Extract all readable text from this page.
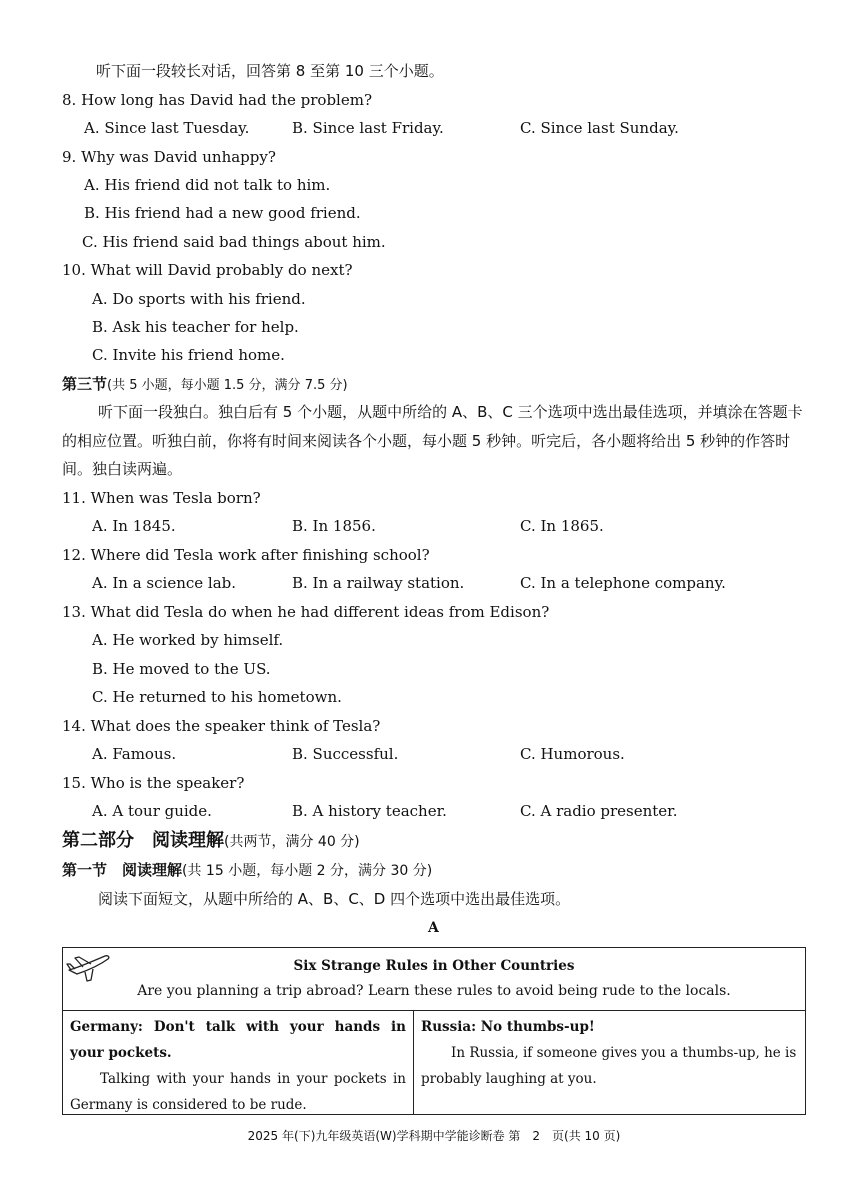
听下面一段较长对话，回答第 8 至第 10 三个小题。
8. How long has David had the problem?
A. Since last Tuesday.	B. Since last Friday.	C. Since last Sunday.
9. Why was David unhappy?
A. His friend did not talk to him.
B. His friend had a new good friend.
C. His friend said bad things about him.
10. What will David probably do next?
A. Do sports with his friend.
B. Ask his teacher for help.
C. Invite his friend home.
第三节(共 5 小题，每小题 1.5 分，满分 7.5 分)
听下面一段独白。独白后有 5 个小题，从题中所给的 A、B、C 三个选项中选出最佳选项，并填涂在答题卡的相应位置。听独白前，你将有时间来阅读各个小题，每小题 5 秒钟。听完后，各小题将给出 5 秒钟的作答时间。独白读两遍。
11. When was Tesla born?
A. In 1845.	B. In 1856.	C. In 1865.
12. Where did Tesla work after finishing school?
A. In a science lab.	B. In a railway station.	C. In a telephone company.
13. What did Tesla do when he had different ideas from Edison?
A. He worked by himself.
B. He moved to the US.
C. He returned to his hometown.
14. What does the speaker think of Tesla?
A. Famous.	B. Successful.	C. Humorous.
15. Who is the speaker?
A. A tour guide.	B. A history teacher.	C. A radio presenter.
第二部分　阅读理解(共两节，满分 40 分)
第一节　阅读理解(共 15 小题，每小题 2 分，满分 30 分)
阅读下面短文，从题中所给的 A、B、C、D 四个选项中选出最佳选项。
A
Six Strange Rules in Other Countries
Are you planning a trip abroad? Learn these rules to avoid being rude to the locals.
Germany: Don't talk with your hands in your pockets.
Talking with your hands in your pockets in Germany is considered to be rude.
Russia: No thumbs-up!
In Russia, if someone gives you a thumbs-up, he is probably laughing at you.
2025 年(下)九年级英语(W)学科期中学能诊断卷 第　2　页(共 10 页)
